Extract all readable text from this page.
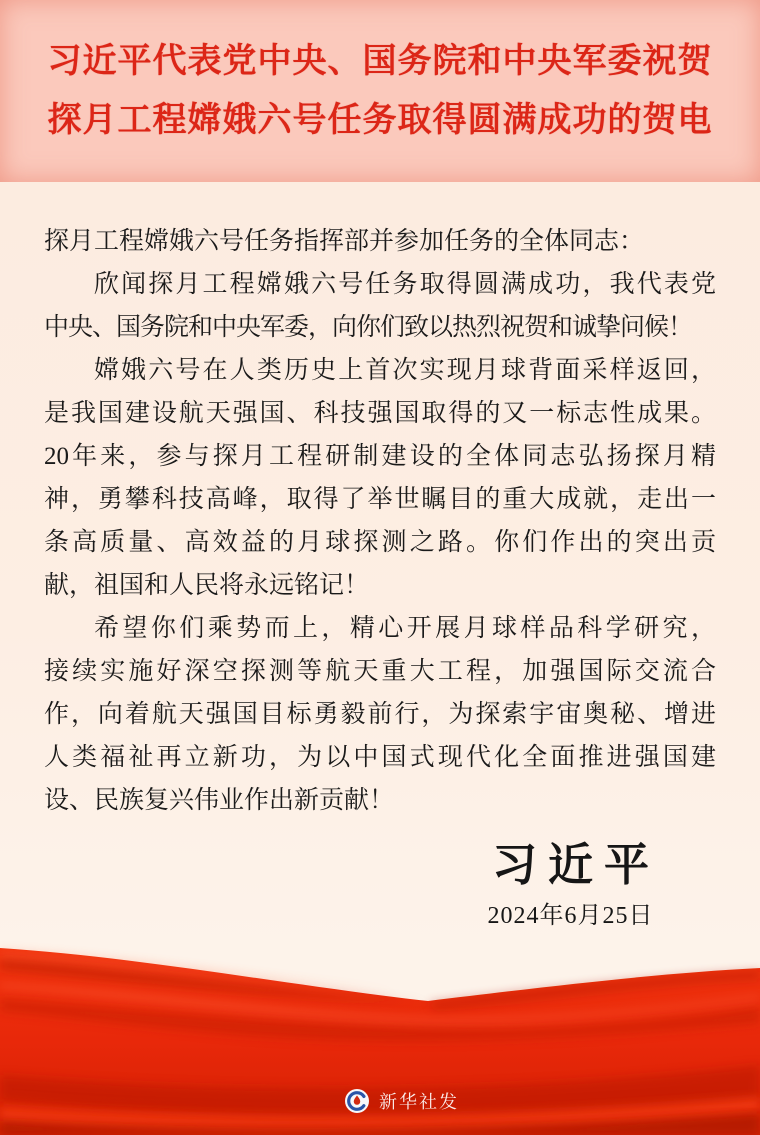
习近平代表党中央、国务院和中央军委祝贺
探月工程嫦娥六号任务取得圆满成功的贺电
探月工程嫦娥六号任务指挥部并参加任务的全体同志：
欣闻探月工程嫦娥六号任务取得圆满成功，我代表党
中央、国务院和中央军委，向你们致以热烈祝贺和诚挚问候！
嫦娥六号在人类历史上首次实现月球背面采样返回，
是我国建设航天强国、科技强国取得的又一标志性成果。
20年来，参与探月工程研制建设的全体同志弘扬探月精
神，勇攀科技高峰，取得了举世瞩目的重大成就，走出一
条高质量、高效益的月球探测之路。你们作出的突出贡
献，祖国和人民将永远铭记！
希望你们乘势而上，精心开展月球样品科学研究，
接续实施好深空探测等航天重大工程，加强国际交流合
作，向着航天强国目标勇毅前行，为探索宇宙奥秘、增进
人类福祉再立新功，为以中国式现代化全面推进强国建
设、民族复兴伟业作出新贡献！
习近平
2024年6月25日
新华社发
